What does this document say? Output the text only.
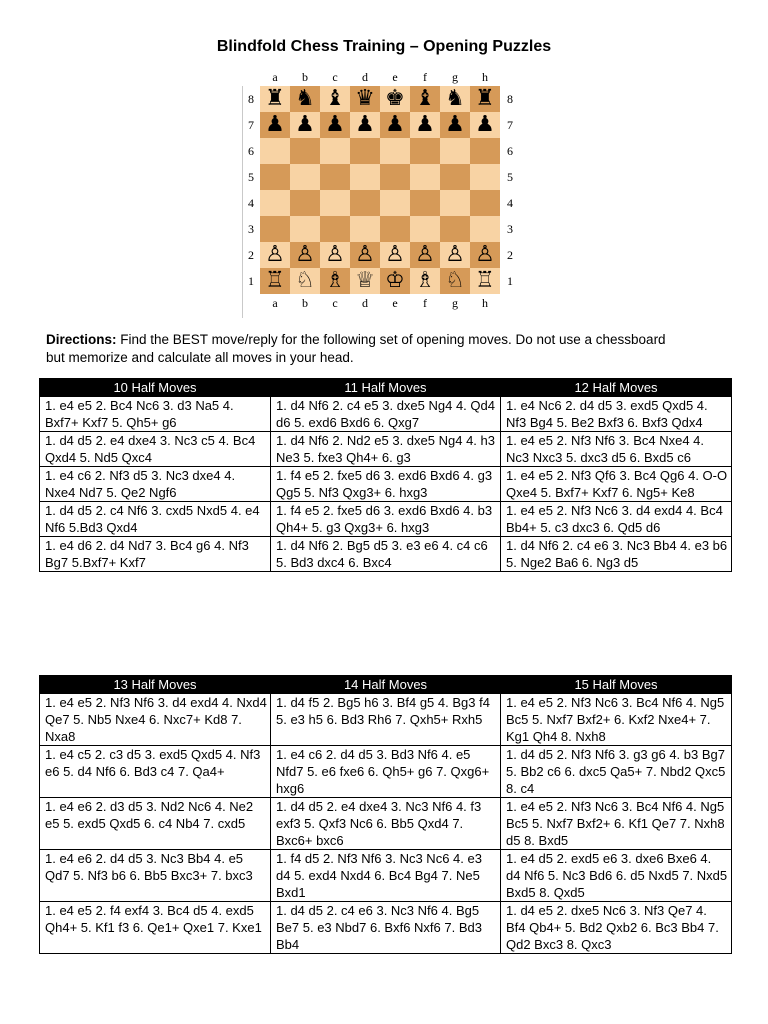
Blindfold Chess Training – Opening Puzzles
a	b	c	d	e	f	g	h
8
7
6
5
4
3
2
1
♜ ♞ ♝ ♛ ♚ ♝ ♞ ♜
♟ ♟ ♟ ♟ ♟ ♟ ♟ ♟
♙ ♙ ♙ ♙ ♙ ♙ ♙ ♙
♖ ♘ ♗ ♕ ♔ ♗ ♘ ♖
8
7
6
5
4
3
2
1
a	b	c	d	e	f	g	h
Directions: Find the BEST move/reply for the following set of opening moves. Do not use a chessboard but memorize and calculate all moves in your head.
10 Half Moves	11 Half Moves	12 Half Moves
1. e4 e5 2. Bc4 Nc6 3. d3 Na5 4. Bxf7+ Kxf7 5. Qh5+ g6	1. d4 Nf6 2. c4 e5 3. dxe5 Ng4 4. Qd4 d6 5. exd6 Bxd6 6. Qxg7	1. e4 Nc6 2. d4 d5 3. exd5 Qxd5 4. Nf3 Bg4 5. Be2 Bxf3 6. Bxf3 Qdx4
1. d4 d5 2. e4 dxe4 3. Nc3 c5 4. Bc4 Qxd4 5. Nd5 Qxc4	1. d4 Nf6 2. Nd2 e5 3. dxe5 Ng4 4. h3 Ne3 5. fxe3 Qh4+ 6. g3	1. e4 e5 2. Nf3 Nf6 3. Bc4 Nxe4 4. Nc3 Nxc3 5. dxc3 d5 6. Bxd5 c6
1. e4 c6 2. Nf3 d5 3. Nc3 dxe4 4. Nxe4 Nd7 5. Qe2 Ngf6	1. f4 e5 2. fxe5 d6 3. exd6 Bxd6 4. g3 Qg5 5. Nf3 Qxg3+ 6. hxg3	1. e4 e5 2. Nf3 Qf6 3. Bc4 Qg6 4. O-O Qxe4 5. Bxf7+ Kxf7 6. Ng5+ Ke8
1. d4 d5 2. c4 Nf6 3. cxd5 Nxd5 4. e4 Nf6 5.Bd3 Qxd4	1. f4 e5 2. fxe5 d6 3. exd6 Bxd6 4. b3 Qh4+ 5. g3 Qxg3+ 6. hxg3	1. e4 e5 2. Nf3 Nc6 3. d4 exd4 4. Bc4 Bb4+ 5. c3 dxc3 6. Qd5 d6
1. e4 d6 2. d4 Nd7 3. Bc4 g6 4. Nf3 Bg7 5.Bxf7+ Kxf7	1. d4 Nf6 2. Bg5 d5 3. e3 e6 4. c4 c6 5. Bd3 dxc4 6. Bxc4	1. d4 Nf6 2. c4 e6 3. Nc3 Bb4 4. e3 b6 5. Nge2 Ba6 6. Ng3 d5
13 Half Moves	14 Half Moves	15 Half Moves
1. e4 e5 2. Nf3 Nf6 3. d4 exd4 4. Nxd4 Qe7 5. Nb5 Nxe4 6. Nxc7+ Kd8 7. Nxa8	1. d4 f5 2. Bg5 h6 3. Bf4 g5 4. Bg3 f4 5. e3 h5 6. Bd3 Rh6 7. Qxh5+ Rxh5	1. e4 e5 2. Nf3 Nc6 3. Bc4 Nf6 4. Ng5 Bc5 5. Nxf7 Bxf2+ 6. Kxf2 Nxe4+ 7. Kg1 Qh4 8. Nxh8
1. e4 c5 2. c3 d5 3. exd5 Qxd5 4. Nf3 e6 5. d4 Nf6 6. Bd3 c4 7. Qa4+	1. e4 c6 2. d4 d5 3. Bd3 Nf6 4. e5 Nfd7 5. e6 fxe6 6. Qh5+ g6 7. Qxg6+ hxg6	1. d4 d5 2. Nf3 Nf6 3. g3 g6 4. b3 Bg7 5. Bb2 c6 6. dxc5 Qa5+ 7. Nbd2 Qxc5 8. c4
1. e4 e6 2. d3 d5 3. Nd2 Nc6 4. Ne2 e5 5. exd5 Qxd5 6. c4 Nb4 7. cxd5	1. d4 d5 2. e4 dxe4 3. Nc3 Nf6 4. f3 exf3 5. Qxf3 Nc6 6. Bb5 Qxd4 7. Bxc6+ bxc6	1. e4 e5 2. Nf3 Nc6 3. Bc4 Nf6 4. Ng5 Bc5 5. Nxf7 Bxf2+ 6. Kf1 Qe7 7. Nxh8 d5 8. Bxd5
1. e4 e6 2. d4 d5 3. Nc3 Bb4 4. e5 Qd7 5. Nf3 b6 6. Bb5 Bxc3+ 7. bxc3	1. f4 d5 2. Nf3 Nf6 3. Nc3 Nc6 4. e3 d4 5. exd4 Nxd4 6. Bc4 Bg4 7. Ne5 Bxd1	1. e4 d5 2. exd5 e6 3. dxe6 Bxe6 4. d4 Nf6 5. Nc3 Bd6 6. d5 Nxd5 7. Nxd5 Bxd5 8. Qxd5
1. e4 e5 2. f4 exf4 3. Bc4 d5 4. exd5 Qh4+ 5. Kf1 f3 6. Qe1+ Qxe1 7. Kxe1	1. d4 d5 2. c4 e6 3. Nc3 Nf6 4. Bg5 Be7 5. e3 Nbd7 6. Bxf6 Nxf6 7. Bd3 Bb4	1. d4 e5 2. dxe5 Nc6 3. Nf3 Qe7 4. Bf4 Qb4+ 5. Bd2 Qxb2 6. Bc3 Bb4 7. Qd2 Bxc3 8. Qxc3
